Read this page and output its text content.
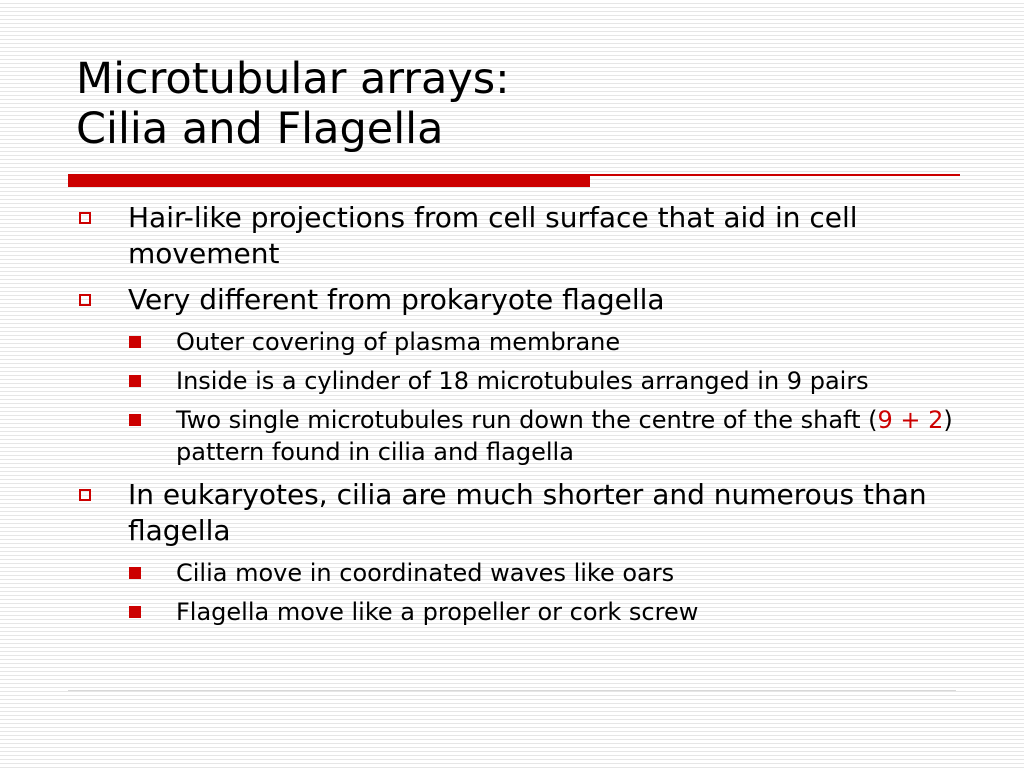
Microtubular arrays:
Cilia and Flagella
Hair-like projections from cell surface that aid in cell movement
Very different from prokaryote flagella
Outer covering of plasma membrane
Inside is a cylinder of 18 microtubules arranged in 9 pairs
Two single microtubules run down the centre of the shaft (9 + 2) pattern found in cilia and flagella
In eukaryotes, cilia are much shorter and numerous than flagella
Cilia move in coordinated waves like oars
Flagella move like a propeller or cork screw
